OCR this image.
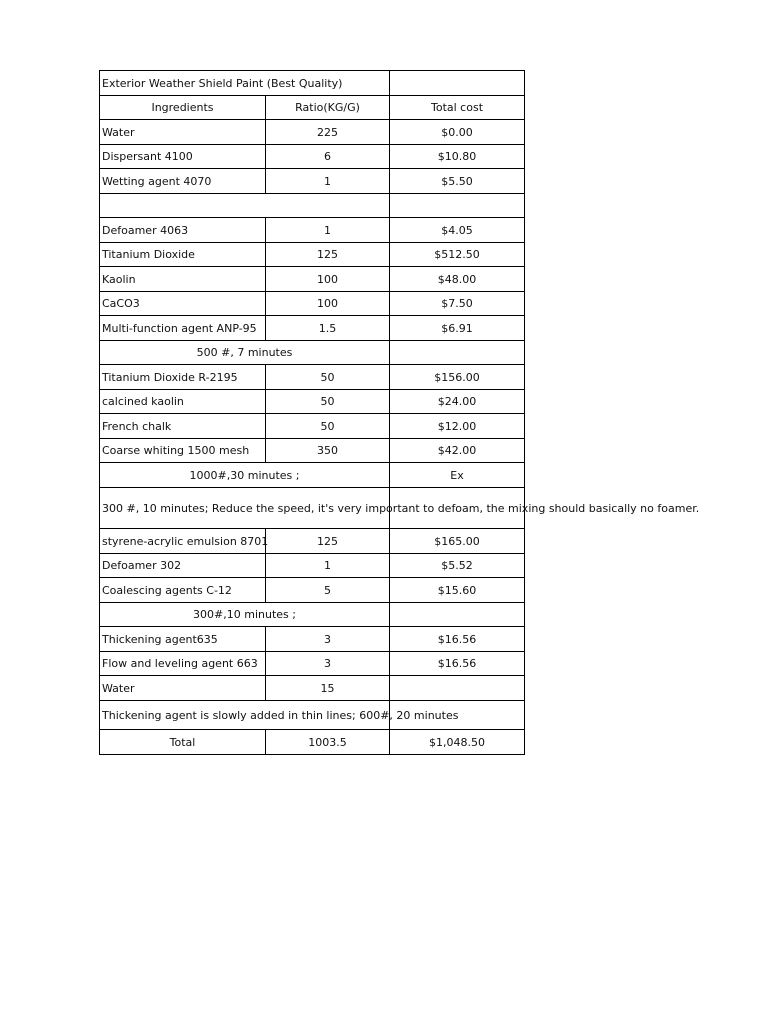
Exterior Weather Shield Paint (Best Quality)		
Ingredients	Ratio(KG/G)	Total cost
Water	225	$0.00
Dispersant 4100	6	$10.80
Wetting agent 4070	1	$5.50

Defoamer 4063	1	$4.05
Titanium Dioxide	125	$512.50
Kaolin	100	$48.00
CaCO3	100	$7.50
Multi-function agent ANP-95	1.5	$6.91
500 #, 7 minutes		
Titanium Dioxide R-2195	50	$156.00
calcined kaolin	50	$24.00
French chalk	50	$12.00
Coarse whiting 1500 mesh	350	$42.00
1000#,30 minutes ;		Ex
300 #, 10 minutes; Reduce the speed, it's very important to defoam, the mixing should basically no foamer.		
styrene-acrylic emulsion 8701	125	$165.00
Defoamer 302	1	$5.52
Coalescing agents C-12	5	$15.60
300#,10 minutes ;		
Thickening agent635	3	$16.56
Flow and leveling agent 663	3	$16.56
Water	15	
Thickening agent is slowly added in thin lines; 600#, 20 minutes		
Total	1003.5	$1,048.50
